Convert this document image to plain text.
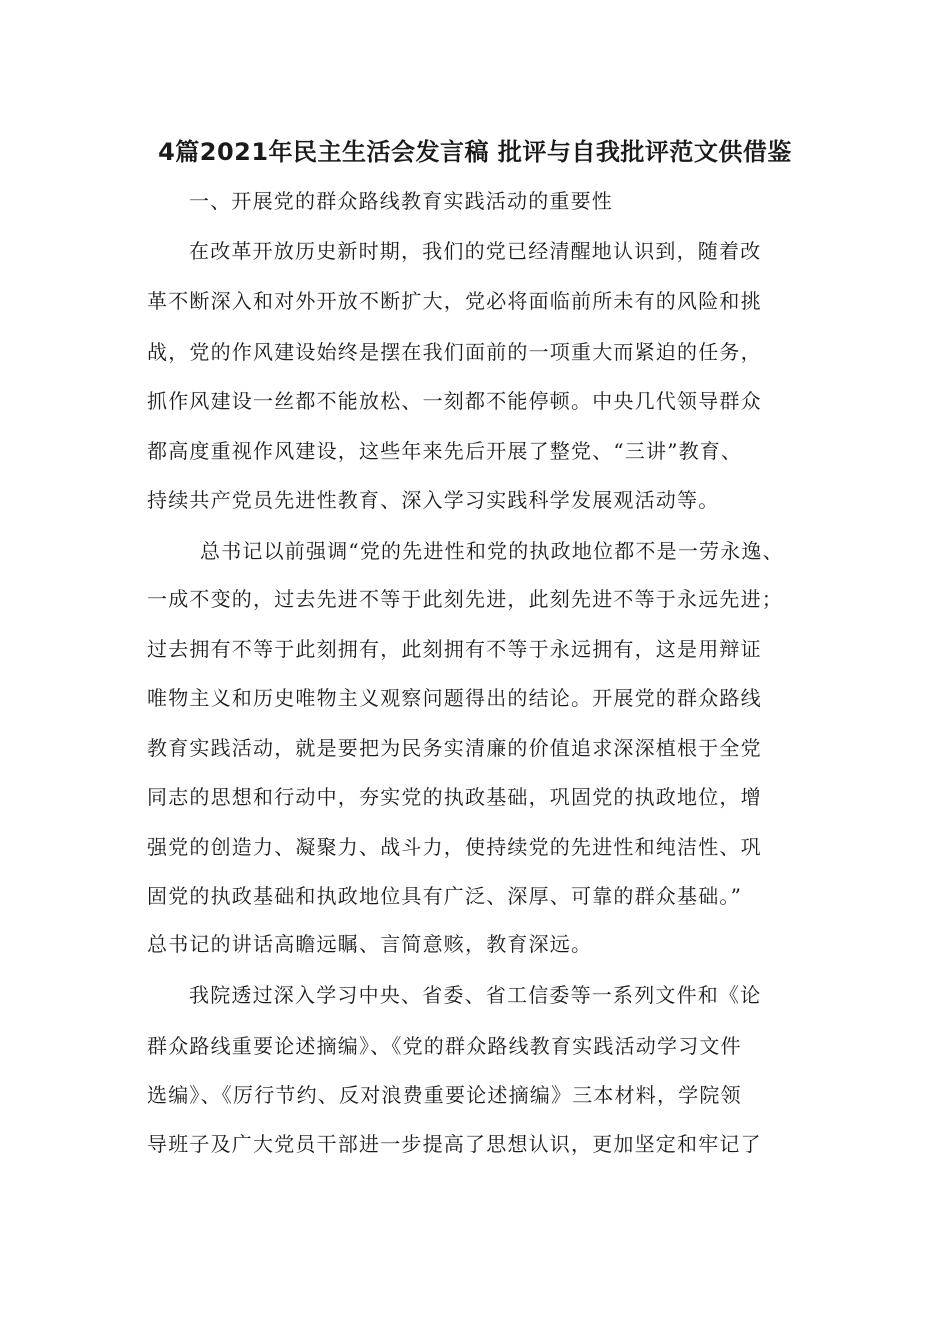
4篇2021年民主生活会发言稿 批评与自我批评范文供借鉴
一、开展党的群众路线教育实践活动的重要性
在改革开放历史新时期，我们的党已经清醒地认识到，随着改
革不断深入和对外开放不断扩大，党必将面临前所未有的风险和挑
战，党的作风建设始终是摆在我们面前的一项重大而紧迫的任务，
抓作风建设一丝都不能放松、一刻都不能停顿。中央几代领导群众
都高度重视作风建设，这些年来先后开展了整党、“三讲”教育、
持续共产党员先进性教育、深入学习实践科学发展观活动等。
总书记以前强调“党的先进性和党的执政地位都不是一劳永逸、
一成不变的，过去先进不等于此刻先进，此刻先进不等于永远先进；
过去拥有不等于此刻拥有，此刻拥有不等于永远拥有，这是用辩证
唯物主义和历史唯物主义观察问题得出的结论。开展党的群众路线
教育实践活动，就是要把为民务实清廉的价值追求深深植根于全党
同志的思想和行动中，夯实党的执政基础，巩固党的执政地位，增
强党的创造力、凝聚力、战斗力，使持续党的先进性和纯洁性、巩
固党的执政基础和执政地位具有广泛、深厚、可靠的群众基础。”
总书记的讲话高瞻远瞩、言简意赅，教育深远。
我院透过深入学习中央、省委、省工信委等一系列文件和《论
群众路线重要论述摘编》、《党的群众路线教育实践活动学习文件
选编》、《厉行节约、反对浪费重要论述摘编》三本材料，学院领
导班子及广大党员干部进一步提高了思想认识，更加坚定和牢记了
